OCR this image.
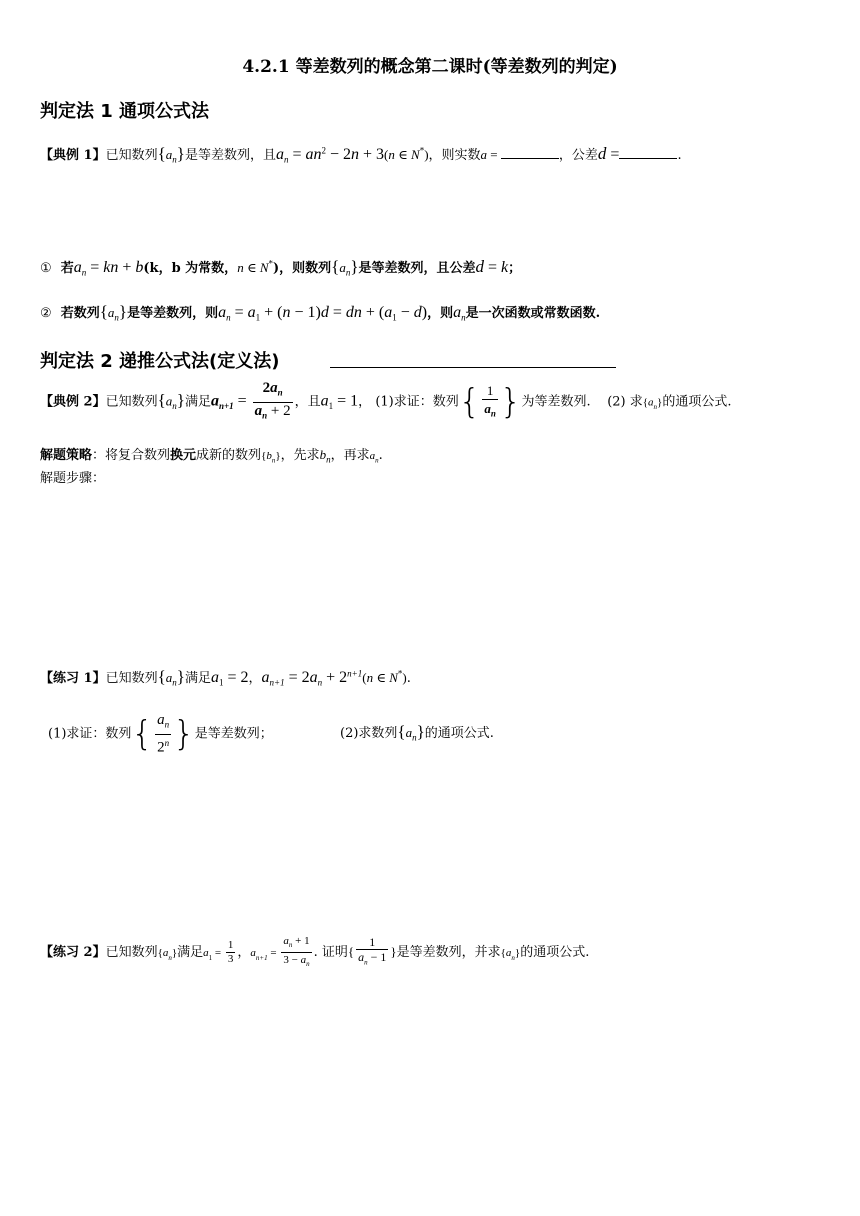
4.2.1 等差数列的概念第二课时(等差数列的判定)
判定法 1 通项公式法
【典例 1】已知数列$\{a_n\}$是等差数列，且$a_n = an^2 - 2n + 3(n$ ∈ N*)，则实数a =	，公差d =	.
① 若$a_n$ = kn + b(k，b 为常数，n ∈ N*)，则数列$\{a_n\}$是等差数列，且公差d = k；
② 若数列$\{a_n\}$是等差数列，则$a_n = a_1 + (n - 1)d$ = dn + $(a_1 - d)$，则$a_n$是一次函数或常数函数.
判定法 2 递推公式法(定义法)
【典例 2】已知数列$\{a_n\}$满足$a_{n+1} = \frac{2a_n}{a_n + 2}$ ，且$a_1 = 1$， (1)求证：数列{ $\frac{1}{a_n}$ }为等差数列. (2) 求$\{a_n\}$的通项公式.
解题策略：将复合数列换元成新的数列$\{b_n\}$，先求$b_n$，再求$a_n$.
解题步骤：
【练习 1】已知数列$\{a_n\}$满足$a_1 = 2$，$a_{n+1} = 2a_n + 2^{n+1}(n$ ∈ N*).
(1)求证：数列{ $\frac{a_n}{2^n}$ }是等差数列；	(2)求数列$\{a_n\}$的通项公式.
【练习 2】已知数列$\{a_n\}$满足$a_1 = \frac{1}{3}$ ，$a_{n+1} = \frac{a_n + 1}{3 - a_n}$ . 证明{ $\frac{1}{a_n - 1}$ }是等差数列，并求$\{a_n\}$的通项公式.
